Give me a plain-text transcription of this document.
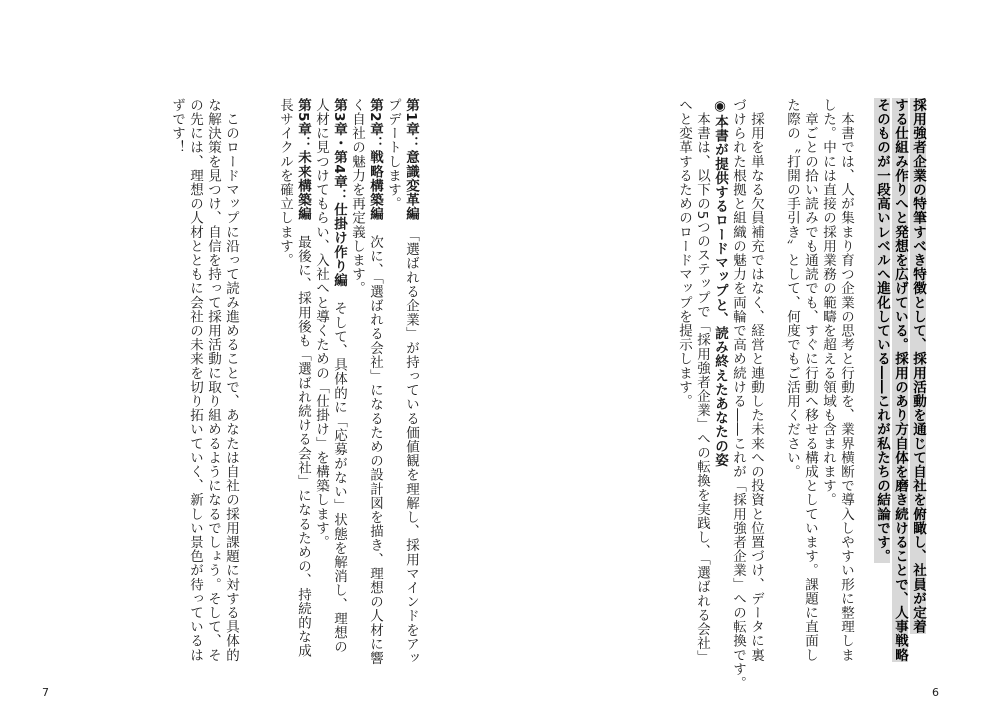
採用強者企業の特筆すべき特徴として、採用活動を通じて自社を俯瞰し、社員が定着
する仕組み作りへと発想を広げている。採用のあり方自体を磨き続けることで、人事戦略
そのものが一段高いレベルへ進化している――これが私たちの結論です。

　本書では、人が集まり育つ企業の思考と行動を、業界横断で導入しやすい形に整理しま
した。中には直接の採用業務の範疇を超える領域も含まれます。
　章ごとの拾い読みでも通読でも、すぐに行動へ移せる構成としています。課題に直面し
た際の〝打開の手引き〟として、何度でもご活用ください。

　採用を単なる欠員補充ではなく、経営と連動した未来への投資と位置づけ、データに裏
づけられた根拠と組織の魅力を両輪で高め続ける――これが「採用強者企業」への転換です。
◉本書が提供するロードマップと、読み終えたあなたの姿
　本書は、以下の5つのステップで「採用強者企業」への転換を実践し、「選ばれる会社」
へと変革するためのロードマップを提示します。
第1章：意識変革編　「選ばれる企業」が持っている価値観を理解し、採用マインドをアッ
プデートします。
第2章：戦略構築編　次に、「選ばれる会社」になるための設計図を描き、理想の人材に響
く自社の魅力を再定義します。
第3章・第4章：仕掛け作り編　そして、具体的に「応募がない」状態を解消し、理想の
人材に見つけてもらい、入社へと導くための「仕掛け」を構築します。
第5章：未来構築編　最後に、採用後も「選ばれ続ける会社」になるための、持続的な成
長サイクルを確立します。

　このロードマップに沿って読み進めることで、あなたは自社の採用課題に対する具体的
な解決策を見つけ、自信を持って採用活動に取り組めるようになるでしょう。そして、そ
の先には、理想の人材とともに会社の未来を切り拓いていく、新しい景色が待っているは
ずです！
7	6
